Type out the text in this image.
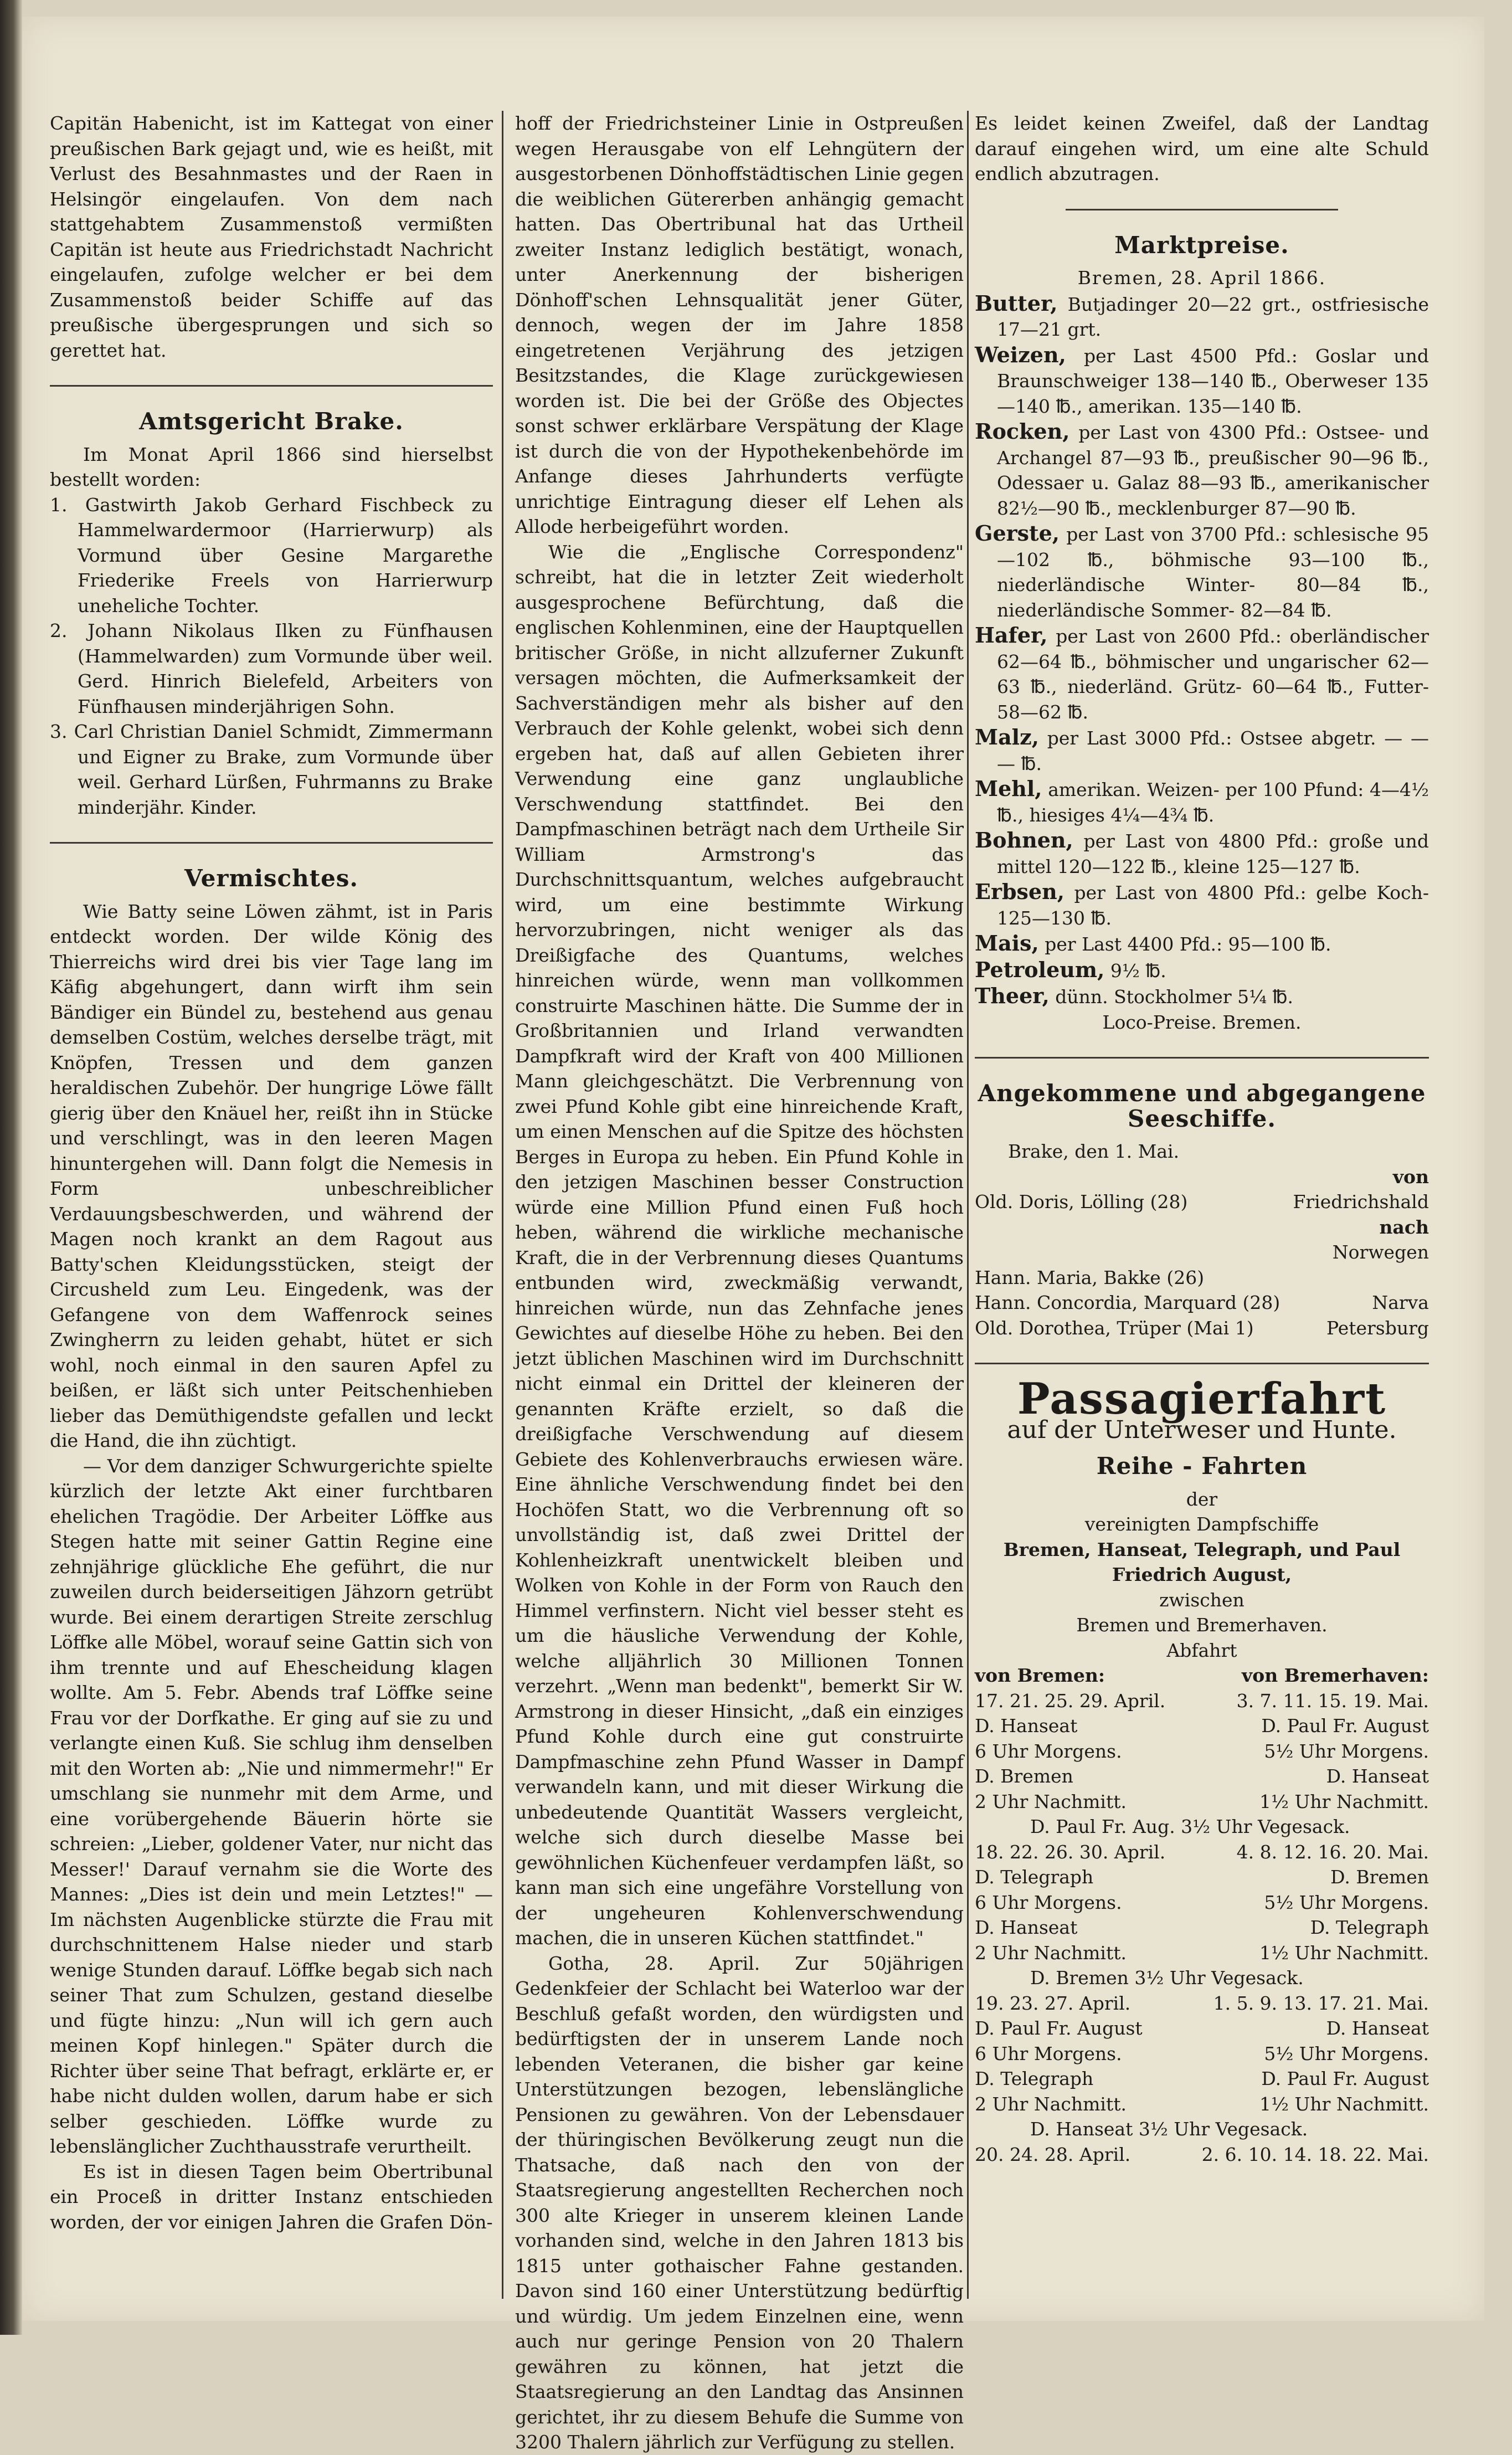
Capitän Habenicht, ist im Kattegat von einer preußischen Bark gejagt und, wie es heißt, mit Verlust des Besahnmastes und der Raen in Helsingör eingelaufen. Von dem nach stattgehabtem Zusammenstoß vermißten Capitän ist heute aus Friedrichstadt Nachricht eingelaufen, zufolge welcher er bei dem Zusammenstoß beider Schiffe auf das preußische übergesprungen und sich so gerettet hat.

Amtsgericht Brake.

Im Monat April 1866 sind hierselbst bestellt worden:

1. Gastwirth Jakob Gerhard Fischbeck zu Hammelwardermoor (Harrierwurp) als Vormund über Gesine Margarethe Friederike Freels von Harrierwurp uneheliche Tochter.
2. Johann Nikolaus Ilken zu Fünfhausen (Hammelwarden) zum Vormunde über weil. Gerd. Hinrich Bielefeld, Arbeiters von Fünfhausen minderjährigen Sohn.
3. Carl Christian Daniel Schmidt, Zimmermann und Eigner zu Brake, zum Vormunde über weil. Gerhard Lürßen, Fuhrmanns zu Brake minderjähr. Kinder.
Vermischtes.

Wie Batty seine Löwen zähmt, ist in Paris entdeckt worden. Der wilde König des Thierreichs wird drei bis vier Tage lang im Käfig abgehungert, dann wirft ihm sein Bändiger ein Bündel zu, bestehend aus genau demselben Costüm, welches derselbe trägt, mit Knöpfen, Tressen und dem ganzen heraldischen Zubehör. Der hungrige Löwe fällt gierig über den Knäuel her, reißt ihn in Stücke und verschlingt, was in den leeren Magen hinuntergehen will. Dann folgt die Nemesis in Form unbeschreiblicher Verdauungsbeschwerden, und während der Magen noch krankt an dem Ragout aus Batty'schen Kleidungsstücken, steigt der Circusheld zum Leu. Eingedenk, was der Gefangene von dem Waffenrock seines Zwingherrn zu leiden gehabt, hütet er sich wohl, noch einmal in den sauren Apfel zu beißen, er läßt sich unter Peitschenhieben lieber das Demüthigendste gefallen und leckt die Hand, die ihn züchtigt.

— Vor dem danziger Schwurgerichte spielte kürzlich der letzte Akt einer furchtbaren ehelichen Tragödie. Der Arbeiter Löffke aus Stegen hatte mit seiner Gattin Regine eine zehnjährige glückliche Ehe geführt, die nur zuweilen durch beiderseitigen Jähzorn getrübt wurde. Bei einem derartigen Streite zerschlug Löffke alle Möbel, worauf seine Gattin sich von ihm trennte und auf Ehescheidung klagen wollte. Am 5. Febr. Abends traf Löffke seine Frau vor der Dorfkathe. Er ging auf sie zu und verlangte einen Kuß. Sie schlug ihm denselben mit den Worten ab: „Nie und nimmermehr!" Er umschlang sie nunmehr mit dem Arme, und eine vorübergehende Bäuerin hörte sie schreien: „Lieber, goldener Vater, nur nicht das Messer!' Darauf vernahm sie die Worte des Mannes: „Dies ist dein und mein Letztes!" — Im nächsten Augenblicke stürzte die Frau mit durchschnittenem Halse nieder und starb wenige Stunden darauf. Löffke begab sich nach seiner That zum Schulzen, gestand dieselbe und fügte hinzu: „Nun will ich gern auch meinen Kopf hinlegen." Später durch die Richter über seine That befragt, erklärte er, er habe nicht dulden wollen, darum habe er sich selber geschieden. Löffke wurde zu lebenslänglicher Zuchthausstrafe verurtheilt.

Es ist in diesen Tagen beim Obertribunal ein Proceß in dritter Instanz entschieden worden, der vor einigen Jahren die Grafen Dön-

hoff der Friedrichsteiner Linie in Ostpreußen wegen Herausgabe von elf Lehngütern der ausgestorbenen Dönhoffstädtischen Linie gegen die weiblichen Gütererben anhängig gemacht hatten. Das Obertribunal hat das Urtheil zweiter Instanz lediglich bestätigt, wonach, unter Anerkennung der bisherigen Dönhoff'schen Lehnsqualität jener Güter, dennoch, wegen der im Jahre 1858 eingetretenen Verjährung des jetzigen Besitzstandes, die Klage zurückgewiesen worden ist. Die bei der Größe des Objectes sonst schwer erklärbare Verspätung der Klage ist durch die von der Hypothekenbehörde im Anfange dieses Jahrhunderts verfügte unrichtige Eintragung dieser elf Lehen als Allode herbeigeführt worden.

Wie die „Englische Correspondenz" schreibt, hat die in letzter Zeit wiederholt ausgesprochene Befürchtung, daß die englischen Kohlenminen, eine der Hauptquellen britischer Größe, in nicht allzuferner Zukunft versagen möchten, die Aufmerksamkeit der Sachverständigen mehr als bisher auf den Verbrauch der Kohle gelenkt, wobei sich denn ergeben hat, daß auf allen Gebieten ihrer Verwendung eine ganz unglaubliche Verschwendung stattfindet. Bei den Dampfmaschinen beträgt nach dem Urtheile Sir William Armstrong's das Durchschnittsquantum, welches aufgebraucht wird, um eine bestimmte Wirkung hervorzubringen, nicht weniger als das Dreißigfache des Quantums, welches hinreichen würde, wenn man vollkommen construirte Maschinen hätte. Die Summe der in Großbritannien und Irland verwandten Dampfkraft wird der Kraft von 400 Millionen Mann gleichgeschätzt. Die Verbrennung von zwei Pfund Kohle gibt eine hinreichende Kraft, um einen Menschen auf die Spitze des höchsten Berges in Europa zu heben. Ein Pfund Kohle in den jetzigen Maschinen besser Construction würde eine Million Pfund einen Fuß hoch heben, während die wirkliche mechanische Kraft, die in der Verbrennung dieses Quantums entbunden wird, zweckmäßig verwandt, hinreichen würde, nun das Zehnfache jenes Gewichtes auf dieselbe Höhe zu heben. Bei den jetzt üblichen Maschinen wird im Durchschnitt nicht einmal ein Drittel der kleineren der genannten Kräfte erzielt, so daß die dreißigfache Verschwendung auf diesem Gebiete des Kohlenverbrauchs erwiesen wäre. Eine ähnliche Verschwendung findet bei den Hochöfen Statt, wo die Verbrennung oft so unvollständig ist, daß zwei Drittel der Kohlenheizkraft unentwickelt bleiben und Wolken von Kohle in der Form von Rauch den Himmel verfinstern. Nicht viel besser steht es um die häusliche Verwendung der Kohle, welche alljährlich 30 Millionen Tonnen verzehrt. „Wenn man bedenkt", bemerkt Sir W. Armstrong in dieser Hinsicht, „daß ein einziges Pfund Kohle durch eine gut construirte Dampfmaschine zehn Pfund Wasser in Dampf verwandeln kann, und mit dieser Wirkung die unbedeutende Quantität Wassers vergleicht, welche sich durch dieselbe Masse bei gewöhnlichen Küchenfeuer verdampfen läßt, so kann man sich eine ungefähre Vorstellung von der ungeheuren Kohlenverschwendung machen, die in unseren Küchen stattfindet."

Gotha, 28. April. Zur 50jährigen Gedenkfeier der Schlacht bei Waterloo war der Beschluß gefaßt worden, den würdigsten und bedürftigsten der in unserem Lande noch lebenden Veteranen, die bisher gar keine Unterstützungen bezogen, lebenslängliche Pensionen zu gewähren. Von der Lebensdauer der thüringischen Bevölkerung zeugt nun die Thatsache, daß nach den von der Staatsregierung angestellten Recherchen noch 300 alte Krieger in unserem kleinen Lande vorhanden sind, welche in den Jahren 1813 bis 1815 unter gothaischer Fahne gestanden. Davon sind 160 einer Unterstützung bedürftig und würdig. Um jedem Einzelnen eine, wenn auch nur geringe Pension von 20 Thalern gewähren zu können, hat jetzt die Staatsregierung an den Landtag das Ansinnen gerichtet, ihr zu diesem Behufe die Summe von 3200 Thalern jährlich zur Verfügung zu stellen.

Es leidet keinen Zweifel, daß der Landtag darauf eingehen wird, um eine alte Schuld endlich abzutragen.

Marktpreise.

Bremen, 28. April 1866.

Butter, Butjadinger 20—22 grt., ostfriesische 17—21 grt.

Weizen, per Last 4500 Pfd.: Goslar und Braunschweiger 138—140 ℔., Oberweser 135—140 ℔., amerikan. 135—140 ℔.

Rocken, per Last von 4300 Pfd.: Ostsee- und Archangel 87—93 ℔., preußischer 90—96 ℔., Odessaer u. Galaz 88—93 ℔., amerikanischer 82½—90 ℔., mecklenburger 87—90 ℔.

Gerste, per Last von 3700 Pfd.: schlesische 95—102 ℔., böhmische 93—100 ℔., niederländische Winter- 80—84 ℔., niederländische Sommer- 82—84 ℔.

Hafer, per Last von 2600 Pfd.: oberländischer 62—64 ℔., böhmischer und ungarischer 62—63 ℔., niederländ. Grütz- 60—64 ℔., Futter- 58—62 ℔.

Malz, per Last 3000 Pfd.: Ostsee abgetr. — — — ℔.

Mehl, amerikan. Weizen- per 100 Pfund: 4—4½ ℔., hiesiges 4¼—4¾ ℔.

Bohnen, per Last von 4800 Pfd.: große und mittel 120—122 ℔., kleine 125—127 ℔.

Erbsen, per Last von 4800 Pfd.: gelbe Koch- 125—130 ℔.

Mais, per Last 4400 Pfd.: 95—100 ℔.

Petroleum, 9½ ℔.

Theer, dünn. Stockholmer 5¼ ℔.

Loco-Preise. Bremen.

Angekommene und abgegangene Seeschiffe.

Brake, den 1. Mai.

von

Old. Doris, Lölling (28)	Friedrichshald

nach

Norwegen
Hann. Maria, Bakke (26)
Hann. Concordia, Marquard (28)	Narva
Old. Dorothea, Trüper (Mai 1)	Petersburg
Passagierfahrt

auf der Unterweser und Hunte.

Reihe - Fahrten

der

vereinigten Dampfschiffe

Bremen, Hanseat, Telegraph, und Paul Friedrich August,

zwischen

Bremen und Bremerhaven.

Abfahrt

von Bremen:	von Bremerhaven:
17. 21. 25. 29. April.	3. 7. 11. 15. 19. Mai.
D. Hanseat	D. Paul Fr. August
6 Uhr Morgens.	5½ Uhr Morgens.
D. Bremen	D. Hanseat
2 Uhr Nachmitt.	1½ Uhr Nachmitt.
D. Paul Fr. Aug. 3½ Uhr Vegesack.
18. 22. 26. 30. April.	4. 8. 12. 16. 20. Mai.
D. Telegraph	D. Bremen
6 Uhr Morgens.	5½ Uhr Morgens.
D. Hanseat	D. Telegraph
2 Uhr Nachmitt.	1½ Uhr Nachmitt.
D. Bremen 3½ Uhr Vegesack.
19. 23. 27. April.	1. 5. 9. 13. 17. 21. Mai.
D. Paul Fr. August	D. Hanseat
6 Uhr Morgens.	5½ Uhr Morgens.
D. Telegraph	D. Paul Fr. August
2 Uhr Nachmitt.	1½ Uhr Nachmitt.
D. Hanseat 3½ Uhr Vegesack.
20. 24. 28. April.	2. 6. 10. 14. 18. 22. Mai.
